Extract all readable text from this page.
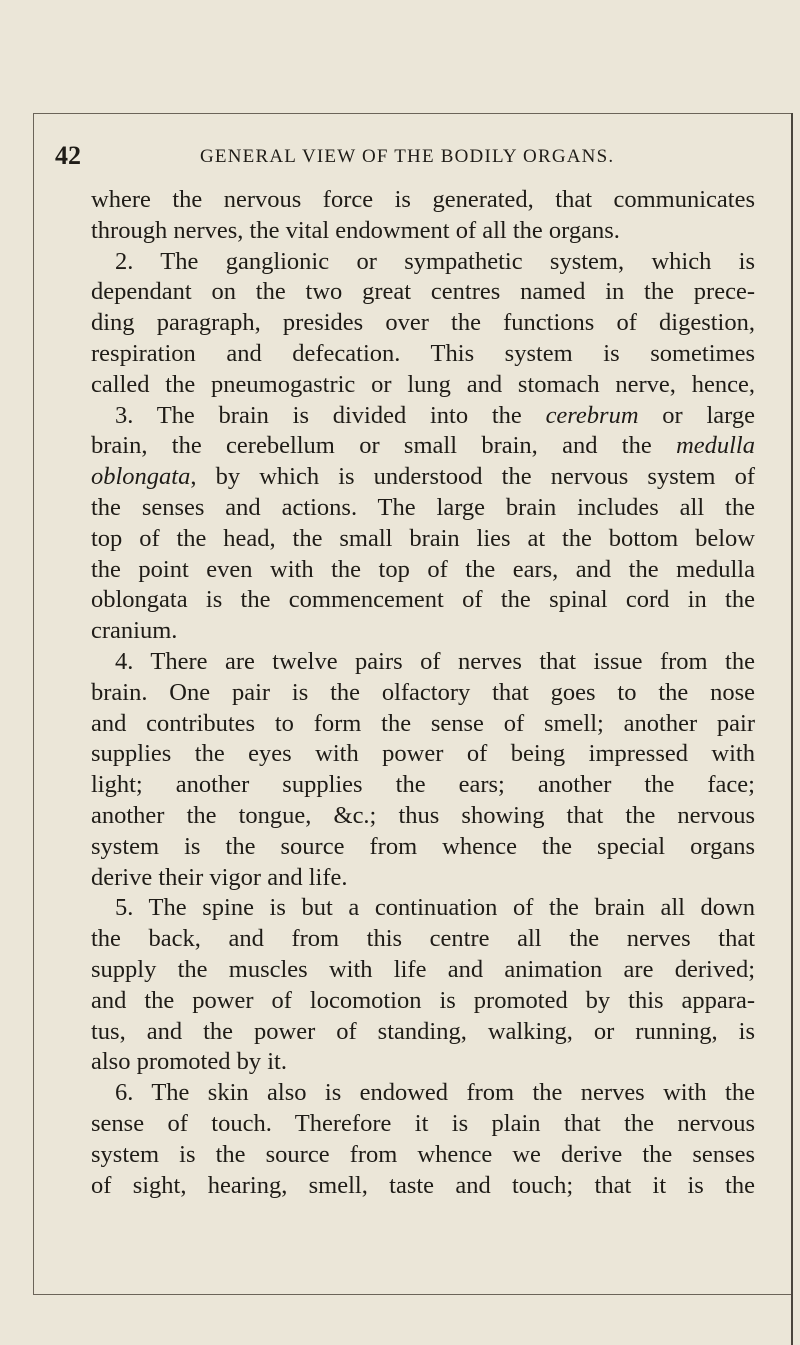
42	GENERAL VIEW OF THE BODILY ORGANS.
where the nervous force is generated, that communicates
through nerves, the vital endowment of all the organs.
2. The ganglionic or sympathetic system, which is
dependant on the two great centres named in the prece-
ding paragraph, presides over the functions of digestion,
respiration and defecation. This system is sometimes
called the pneumogastric or lung and stomach nerve, hence,
3. The brain is divided into the cerebrum or large
brain, the cerebellum or small brain, and the medulla
oblongata, by which is understood the nervous system of
the senses and actions. The large brain includes all the
top of the head, the small brain lies at the bottom below
the point even with the top of the ears, and the medulla
oblongata is the commencement of the spinal cord in the
cranium.
4. There are twelve pairs of nerves that issue from the
brain. One pair is the olfactory that goes to the nose
and contributes to form the sense of smell; another pair
supplies the eyes with power of being impressed with
light; another supplies the ears; another the face;
another the tongue, &c.; thus showing that the nervous
system is the source from whence the special organs
derive their vigor and life.
5. The spine is but a continuation of the brain all down
the back, and from this centre all the nerves that
supply the muscles with life and animation are derived;
and the power of locomotion is promoted by this appara-
tus, and the power of standing, walking, or running, is
also promoted by it.
6. The skin also is endowed from the nerves with the
sense of touch. Therefore it is plain that the nervous
system is the source from whence we derive the senses
of sight, hearing, smell, taste and touch; that it is the
